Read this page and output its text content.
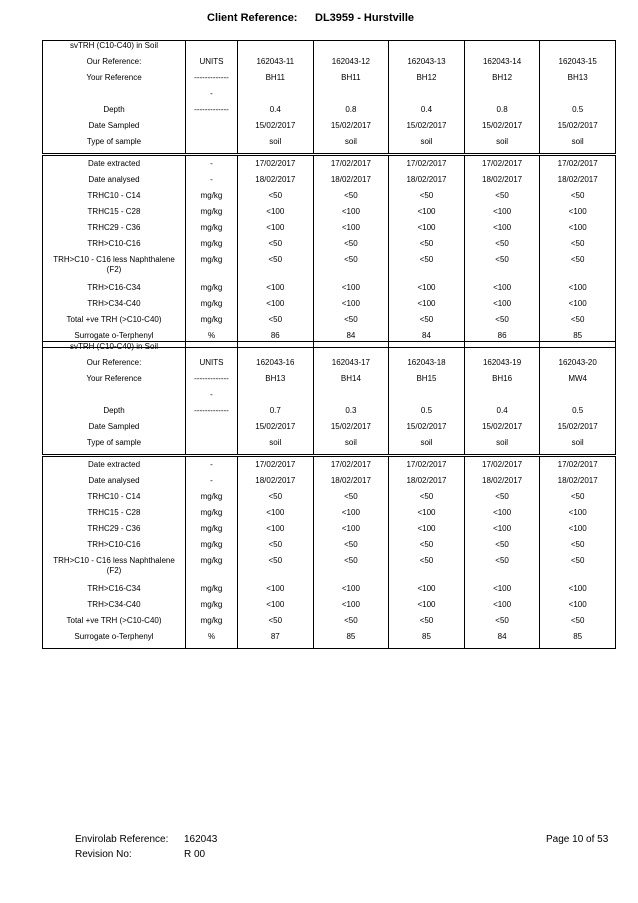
Client Reference: DL3959 - Hurstville
svTRH (C10-C40) in Soil						
Our Reference:	UNITS	162043-11	162043-12	162043-13	162043-14	162043-15
Your Reference	-------------	BH11	BH11	BH12	BH12	BH13
	-					
Depth	-------------	0.4	0.8	0.4	0.8	0.5
Date Sampled		15/02/2017	15/02/2017	15/02/2017	15/02/2017	15/02/2017
Type of sample		soil	soil	soil	soil	soil
Date extracted	-	17/02/2017	17/02/2017	17/02/2017	17/02/2017	17/02/2017
Date analysed	-	18/02/2017	18/02/2017	18/02/2017	18/02/2017	18/02/2017
TRHC10 - C14	mg/kg	<50	<50	<50	<50	<50
TRHC15 - C28	mg/kg	<100	<100	<100	<100	<100
TRHC29 - C36	mg/kg	<100	<100	<100	<100	<100
TRH>C10-C16	mg/kg	<50	<50	<50	<50	<50
TRH>C10 - C16 less Naphthalene (F2)	mg/kg	<50	<50	<50	<50	<50
TRH>C16-C34	mg/kg	<100	<100	<100	<100	<100
TRH>C34-C40	mg/kg	<100	<100	<100	<100	<100
Total +ve TRH (>C10-C40)	mg/kg	<50	<50	<50	<50	<50
Surrogate o-Terphenyl	%	86	84	84	86	85
svTRH (C10-C40) in Soil						
Our Reference:	UNITS	162043-16	162043-17	162043-18	162043-19	162043-20
Your Reference	-------------	BH13	BH14	BH15	BH16	MW4
	-					
Depth	-------------	0.7	0.3	0.5	0.4	0.5
Date Sampled		15/02/2017	15/02/2017	15/02/2017	15/02/2017	15/02/2017
Type of sample		soil	soil	soil	soil	soil
Date extracted	-	17/02/2017	17/02/2017	17/02/2017	17/02/2017	17/02/2017
Date analysed	-	18/02/2017	18/02/2017	18/02/2017	18/02/2017	18/02/2017
TRHC10 - C14	mg/kg	<50	<50	<50	<50	<50
TRHC15 - C28	mg/kg	<100	<100	<100	<100	<100
TRHC29 - C36	mg/kg	<100	<100	<100	<100	<100
TRH>C10-C16	mg/kg	<50	<50	<50	<50	<50
TRH>C10 - C16 less Naphthalene (F2)	mg/kg	<50	<50	<50	<50	<50
TRH>C16-C34	mg/kg	<100	<100	<100	<100	<100
TRH>C34-C40	mg/kg	<100	<100	<100	<100	<100
Total +ve TRH (>C10-C40)	mg/kg	<50	<50	<50	<50	<50
Surrogate o-Terphenyl	%	87	85	85	84	85
Envirolab Reference: 162043
Revision No:	R 00
Page 10 of 53
